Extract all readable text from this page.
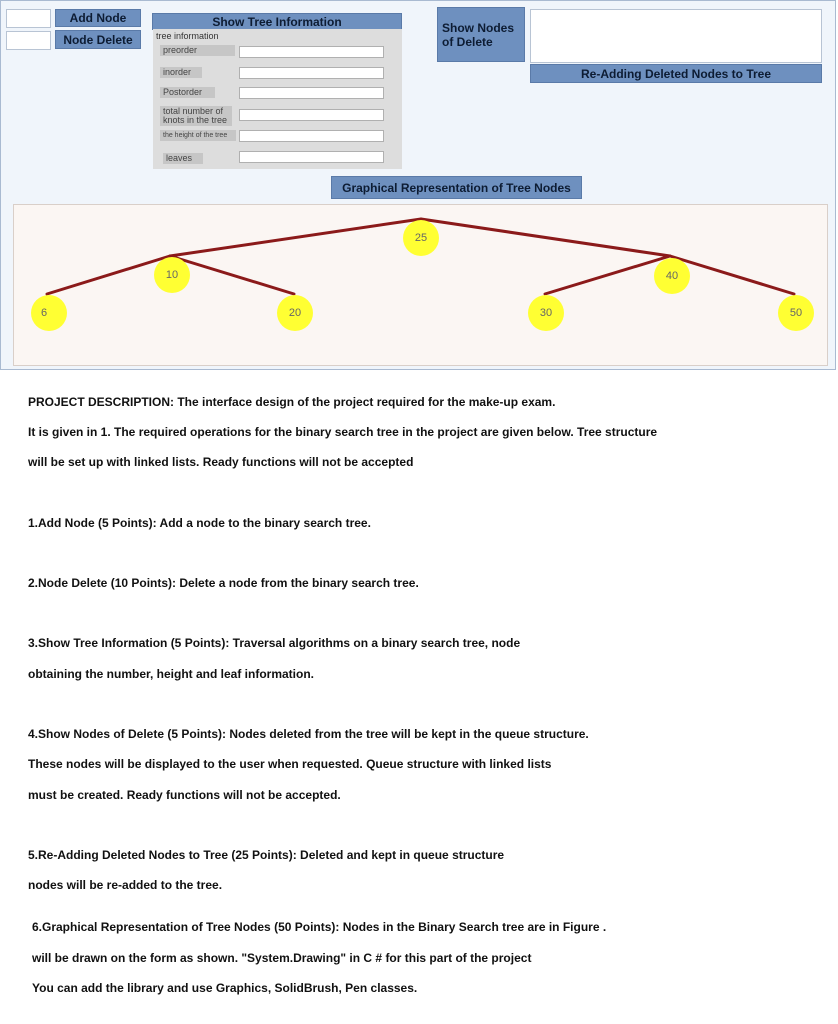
Add Node
Node Delete
Show Tree Information
tree information
preorder
inorder
Postorder
total number of knots in the tree
the height of the tree
leaves
Show Nodes of Delete
Re-Adding Deleted Nodes to Tree
Graphical Representation of Tree Nodes
25
10	40
6	20	30	50
PROJECT DESCRIPTION: The interface design of the project required for the make-up exam.
It is given in 1. The required operations for the binary search tree in the project are given below. Tree structure
will be set up with linked lists. Ready functions will not be accepted
1.Add Node (5 Points): Add a node to the binary search tree.
2.Node Delete (10 Points): Delete a node from the binary search tree.
3.Show Tree Information (5 Points): Traversal algorithms on a binary search tree, node
obtaining the number, height and leaf information.
4.Show Nodes of Delete (5 Points): Nodes deleted from the tree will be kept in the queue structure.
These nodes will be displayed to the user when requested. Queue structure with linked lists
must be created. Ready functions will not be accepted.
5.Re-Adding Deleted Nodes to Tree (25 Points): Deleted and kept in queue structure
nodes will be re-added to the tree.
6.Graphical Representation of Tree Nodes (50 Points): Nodes in the Binary Search tree are in Figure .
will be drawn on the form as shown. "System.Drawing" in C # for this part of the project
You can add the library and use Graphics, SolidBrush, Pen classes.
